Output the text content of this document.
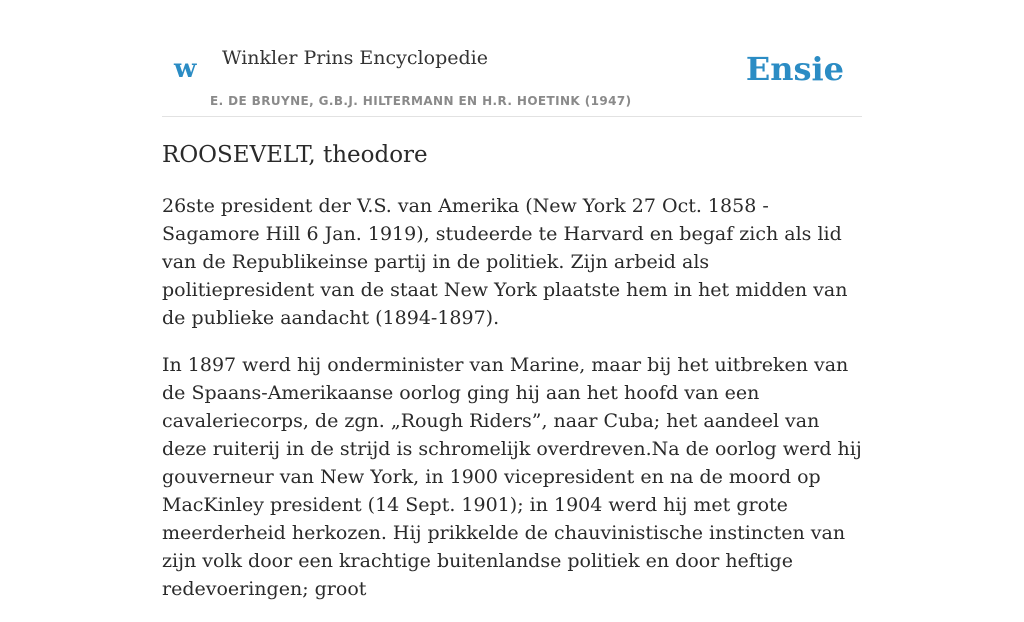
w Winkler Prins Encyclopedie
E. DE BRUYNE, G.B.J. HILTERMANN EN H.R. HOETINK (1947)
Ensie
ROOSEVELT, theodore

26ste president der V.S. van Amerika (New York 27 Oct. 1858 - Sagamore Hill 6 Jan. 1919), studeerde te Harvard en begaf zich als lid van de Republikeinse partij in de politiek. Zijn arbeid als politiepresident van de staat New York plaatste hem in het midden van de publieke aandacht (1894-1897).

In 1897 werd hij onderminister van Marine, maar bij het uitbreken van de Spaans-Amerikaanse oorlog ging hij aan het hoofd van een cavaleriecorps, de zgn. „Rough Riders”, naar Cuba; het aandeel van deze ruiterij in de strijd is schromelijk overdreven.Na de oorlog werd hij gouverneur van New York, in 1900 vicepresident en na de moord op MacKinley president (14 Sept. 1901); in 1904 werd hij met grote meerderheid herkozen. Hij prikkelde de chauvinistische instincten van zijn volk door een krachtige buitenlandse politiek en door heftige redevoeringen; groot
